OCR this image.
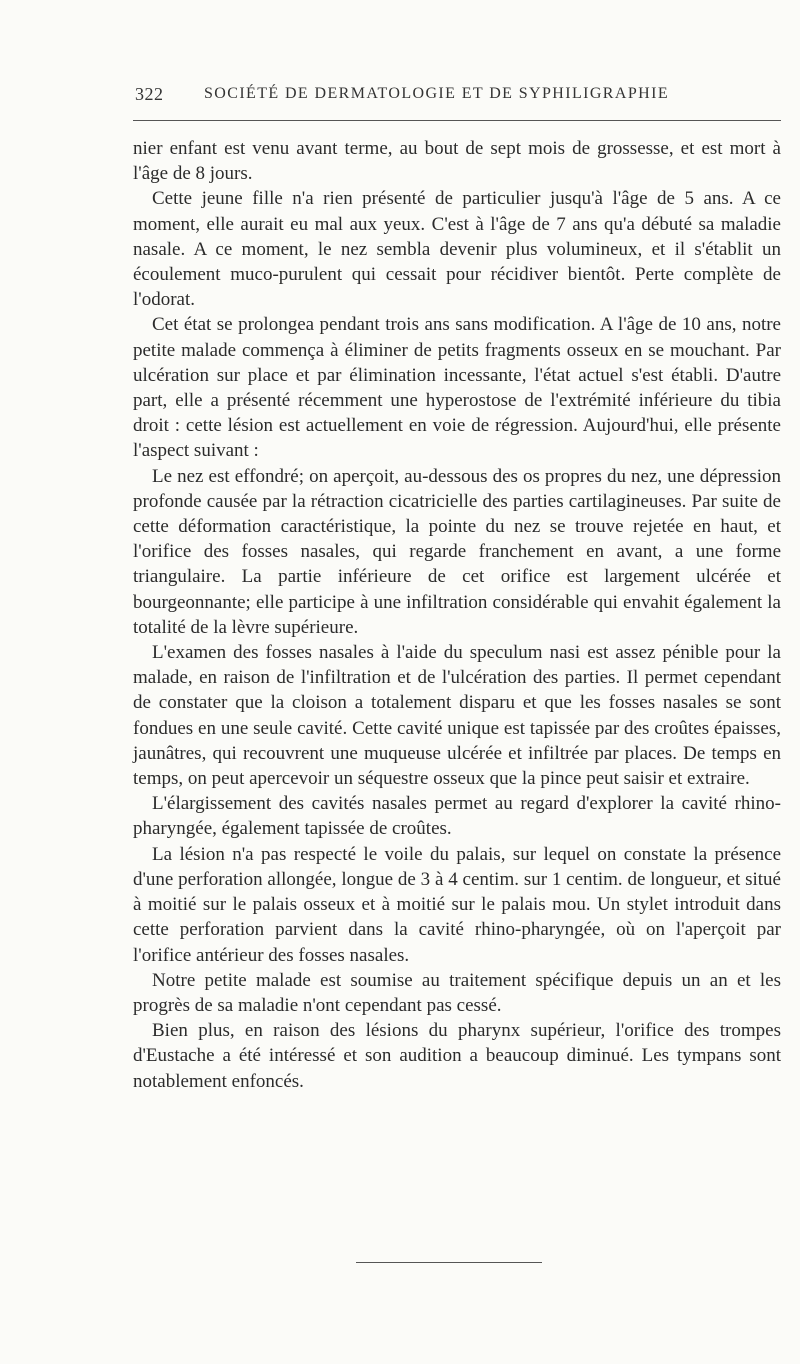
322	SOCIÉTÉ DE DERMATOLOGIE ET DE SYPHILIGRAPHIE

nier enfant est venu avant terme, au bout de sept mois de grossesse, et est mort à l'âge de 8 jours.

Cette jeune fille n'a rien présenté de particulier jusqu'à l'âge de 5 ans. A ce moment, elle aurait eu mal aux yeux. C'est à l'âge de 7 ans qu'a débuté sa maladie nasale. A ce moment, le nez sembla devenir plus volumineux, et il s'établit un écoulement muco-purulent qui cessait pour récidiver bientôt. Perte complète de l'odorat.

Cet état se prolongea pendant trois ans sans modification. A l'âge de 10 ans, notre petite malade commença à éliminer de petits fragments osseux en se mouchant. Par ulcération sur place et par élimination incessante, l'état actuel s'est établi. D'autre part, elle a présenté récemment une hyperostose de l'extrémité inférieure du tibia droit : cette lésion est actuellement en voie de régression. Aujourd'hui, elle présente l'aspect suivant :

Le nez est effondré; on aperçoit, au-dessous des os propres du nez, une dépression profonde causée par la rétraction cicatricielle des parties cartilagineuses. Par suite de cette déformation caractéristique, la pointe du nez se trouve rejetée en haut, et l'orifice des fosses nasales, qui regarde franchement en avant, a une forme triangulaire. La partie inférieure de cet orifice est largement ulcérée et bourgeonnante; elle participe à une infiltration considérable qui envahit également la totalité de la lèvre supérieure.

L'examen des fosses nasales à l'aide du speculum nasi est assez pénible pour la malade, en raison de l'infiltration et de l'ulcération des parties. Il permet cependant de constater que la cloison a totalement disparu et que les fosses nasales se sont fondues en une seule cavité. Cette cavité unique est tapissée par des croûtes épaisses, jaunâtres, qui recouvrent une muqueuse ulcérée et infiltrée par places. De temps en temps, on peut apercevoir un séquestre osseux que la pince peut saisir et extraire.

L'élargissement des cavités nasales permet au regard d'explorer la cavité rhino-pharyngée, également tapissée de croûtes.

La lésion n'a pas respecté le voile du palais, sur lequel on constate la présence d'une perforation allongée, longue de 3 à 4 centim. sur 1 centim. de longueur, et situé à moitié sur le palais osseux et à moitié sur le palais mou. Un stylet introduit dans cette perforation parvient dans la cavité rhino-pharyngée, où on l'aperçoit par l'orifice antérieur des fosses nasales.

Notre petite malade est soumise au traitement spécifique depuis un an et les progrès de sa maladie n'ont cependant pas cessé.

Bien plus, en raison des lésions du pharynx supérieur, l'orifice des trompes d'Eustache a été intéressé et son audition a beaucoup diminué. Les tympans sont notablement enfoncés.
